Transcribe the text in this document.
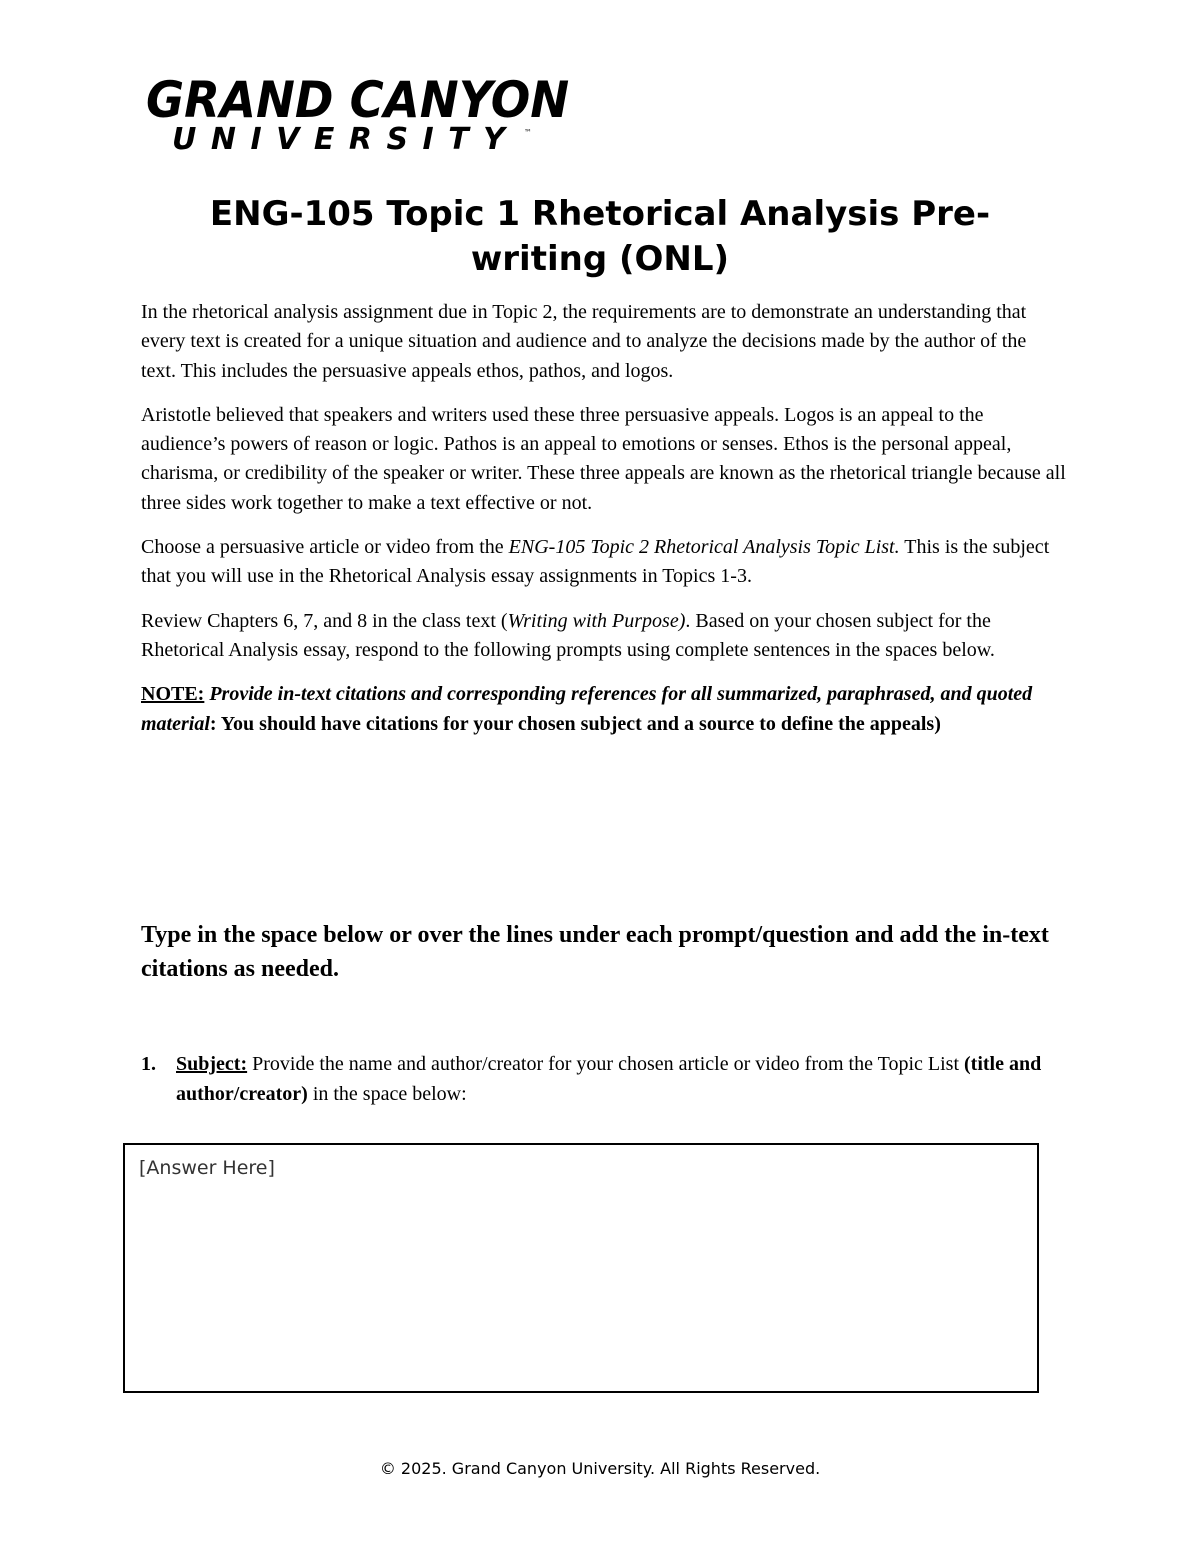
GRAND CANYON
UNIVERSITY ™
ENG-105 Topic 1 Rhetorical Analysis Pre-writing (ONL)

In the rhetorical analysis assignment due in Topic 2, the requirements are to demonstrate an understanding that every text is created for a unique situation and audience and to analyze the decisions made by the author of the text. This includes the persuasive appeals ethos, pathos, and logos.

Aristotle believed that speakers and writers used these three persuasive appeals. Logos is an appeal to the audience’s powers of reason or logic. Pathos is an appeal to emotions or senses. Ethos is the personal appeal, charisma, or credibility of the speaker or writer. These three appeals are known as the rhetorical triangle because all three sides work together to make a text effective or not.

Choose a persuasive article or video from the ENG-105 Topic 2 Rhetorical Analysis Topic List. This is the subject that you will use in the Rhetorical Analysis essay assignments in Topics 1-3.

Review Chapters 6, 7, and 8 in the class text (Writing with Purpose). Based on your chosen subject for the Rhetorical Analysis essay, respond to the following prompts using complete sentences in the spaces below.

NOTE: Provide in-text citations and corresponding references for all summarized, paraphrased, and quoted material: You should have citations for your chosen subject and a source to define the appeals)

Type in the space below or over the lines under each prompt/question and add the in-text citations as needed.
1. Subject: Provide the name and author/creator for your chosen article or video from the Topic List (title and author/creator) in the space below:
[Answer Here]
© 2025. Grand Canyon University. All Rights Reserved.
